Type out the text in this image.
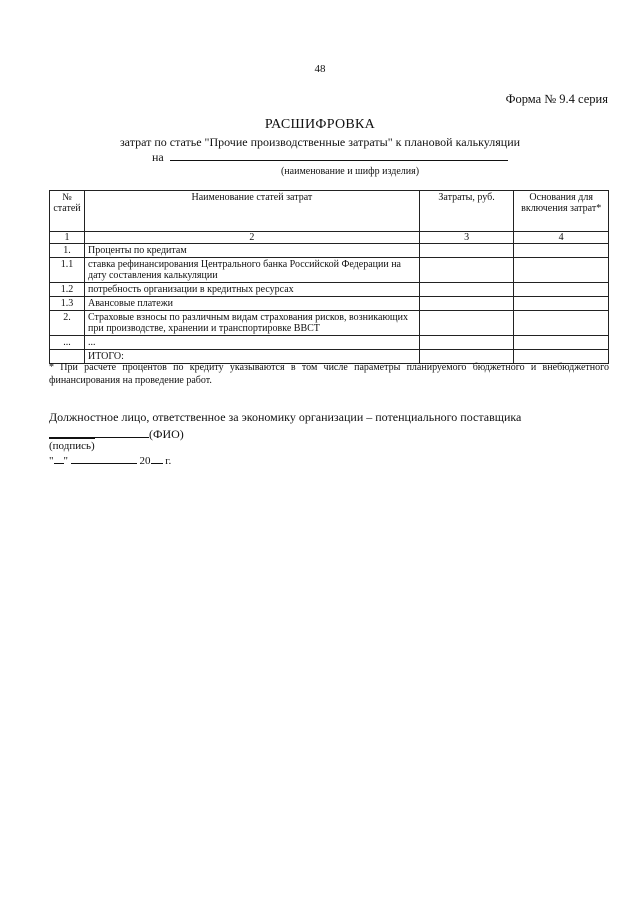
48
Форма № 9.4 серия
РАСШИФРОВКА
затрат по статье "Прочие производственные затраты" к плановой калькуляции
на
(наименование и шифр изделия)
№ статей	Наименование статей затрат	Затраты, руб.	Основания для включения затрат*
1	2	3	4
1.	Проценты по кредитам		
1.1	ставка рефинансирования Центрального банка Российской Федерации на дату составления калькуляции		
1.2	потребность организации в кредитных ресурсах		
1.3	Авансовые платежи		
2.	Страховые взносы по различным видам страхования рисков, возникающих при производстве, хранении и транспортировке ВВСТ		
...	...		
	ИТОГО:		
* При расчете процентов по кредиту указываются в том числе параметры планируемого бюджетного и внебюджетного финансирования на проведение работ.
Должностное лицо, ответственное за экономику организации – потенциального поставщика
(ФИО)
(подпись)
" "	20 г.
